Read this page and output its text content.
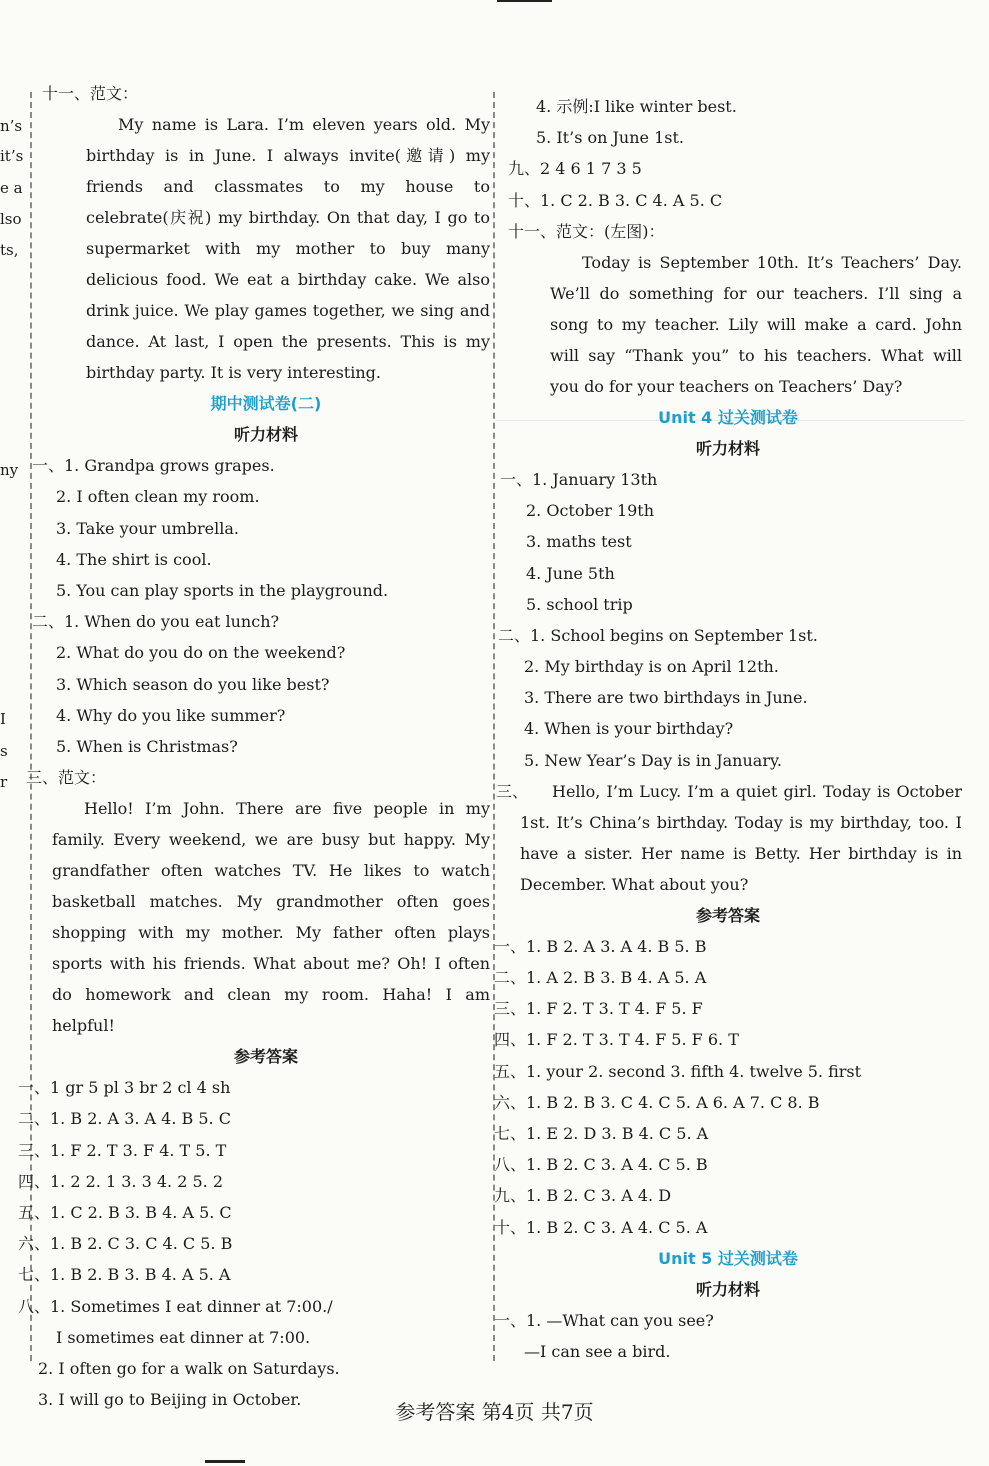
n’s
it’s
e a
lso
ts,
ny
I
s
r
十一、范文：
My name is Lara. I’m eleven years old. My birthday is in June. I always invite(邀请) my friends and classmates to my house to celebrate(庆祝) my birthday. On that day, I go to supermarket with my mother to buy many delicious food. We eat a birthday cake. We also drink juice. We play games together, we sing and dance. At last, I open the presents. This is my birthday party. It is very interesting.
期中测试卷(二)
听力材料
一、1. Grandpa grows grapes.
2. I often clean my room.
3. Take your umbrella.
4. The shirt is cool.
5. You can play sports in the playground.
二、1. When do you eat lunch?
2. What do you do on the weekend?
3. Which season do you like best?
4. Why do you like summer?
5. When is Christmas?
三、范文：
Hello! I’m John. There are five people in my family. Every weekend, we are busy but happy. My grandfather often watches TV. He likes to watch basketball matches. My grandmother often goes shopping with my mother. My father often plays sports with his friends. What about me? Oh! I often do homework and clean my room. Haha! I am helpful!
参考答案
一、1 gr 5 pl 3 br 2 cl 4 sh
二、1. B 2. A 3. A 4. B 5. C
三、1. F 2. T 3. F 4. T 5. T
四、1. 2 2. 1 3. 3 4. 2 5. 2
五、1. C 2. B 3. B 4. A 5. C
六、1. B 2. C 3. C 4. C 5. B
七、1. B 2. B 3. B 4. A 5. A
八、1. Sometimes I eat dinner at 7:00./
I sometimes eat dinner at 7:00.
2. I often go for a walk on Saturdays.
3. I will go to Beijing in October.
4. 示例:I like winter best.
5. It’s on June 1st.
九、2 4 6 1 7 3 5
十、1. C 2. B 3. C 4. A 5. C
十一、范文：(左图)：
Today is September 10th. It’s Teachers’ Day. We’ll do something for our teachers. I’ll sing a song to my teacher. Lily will make a card. John will say “Thank you” to his teachers. What will you do for your teachers on Teachers’ Day?
Unit 4 过关测试卷
听力材料
一、1. January 13th
2. October 19th
3. maths test
4. June 5th
5. school trip
二、1. School begins on September 1st.
2. My birthday is on April 12th.
3. There are two birthdays in June.
4. When is your birthday?
5. New Year’s Day is in January.
三、	Hello, I’m Lucy. I’m a quiet girl. Today is October 1st. It’s China’s birthday. Today is my birthday, too. I have a sister. Her name is Betty. Her birthday is in December. What about you?
参考答案
一、1. B 2. A 3. A 4. B 5. B
二、1. A 2. B 3. B 4. A 5. A
三、1. F 2. T 3. T 4. F 5. F
四、1. F 2. T 3. T 4. F 5. F 6. T
五、1. your 2. second 3. fifth 4. twelve 5. first
六、1. B 2. B 3. C 4. C 5. A 6. A 7. C 8. B
七、1. E 2. D 3. B 4. C 5. A
八、1. B 2. C 3. A 4. C 5. B
九、1. B 2. C 3. A 4. D
十、1. B 2. C 3. A 4. C 5. A
Unit 5 过关测试卷
听力材料
一、1. —What can you see?
—I can see a bird.
参考答案 第4页 共7页
